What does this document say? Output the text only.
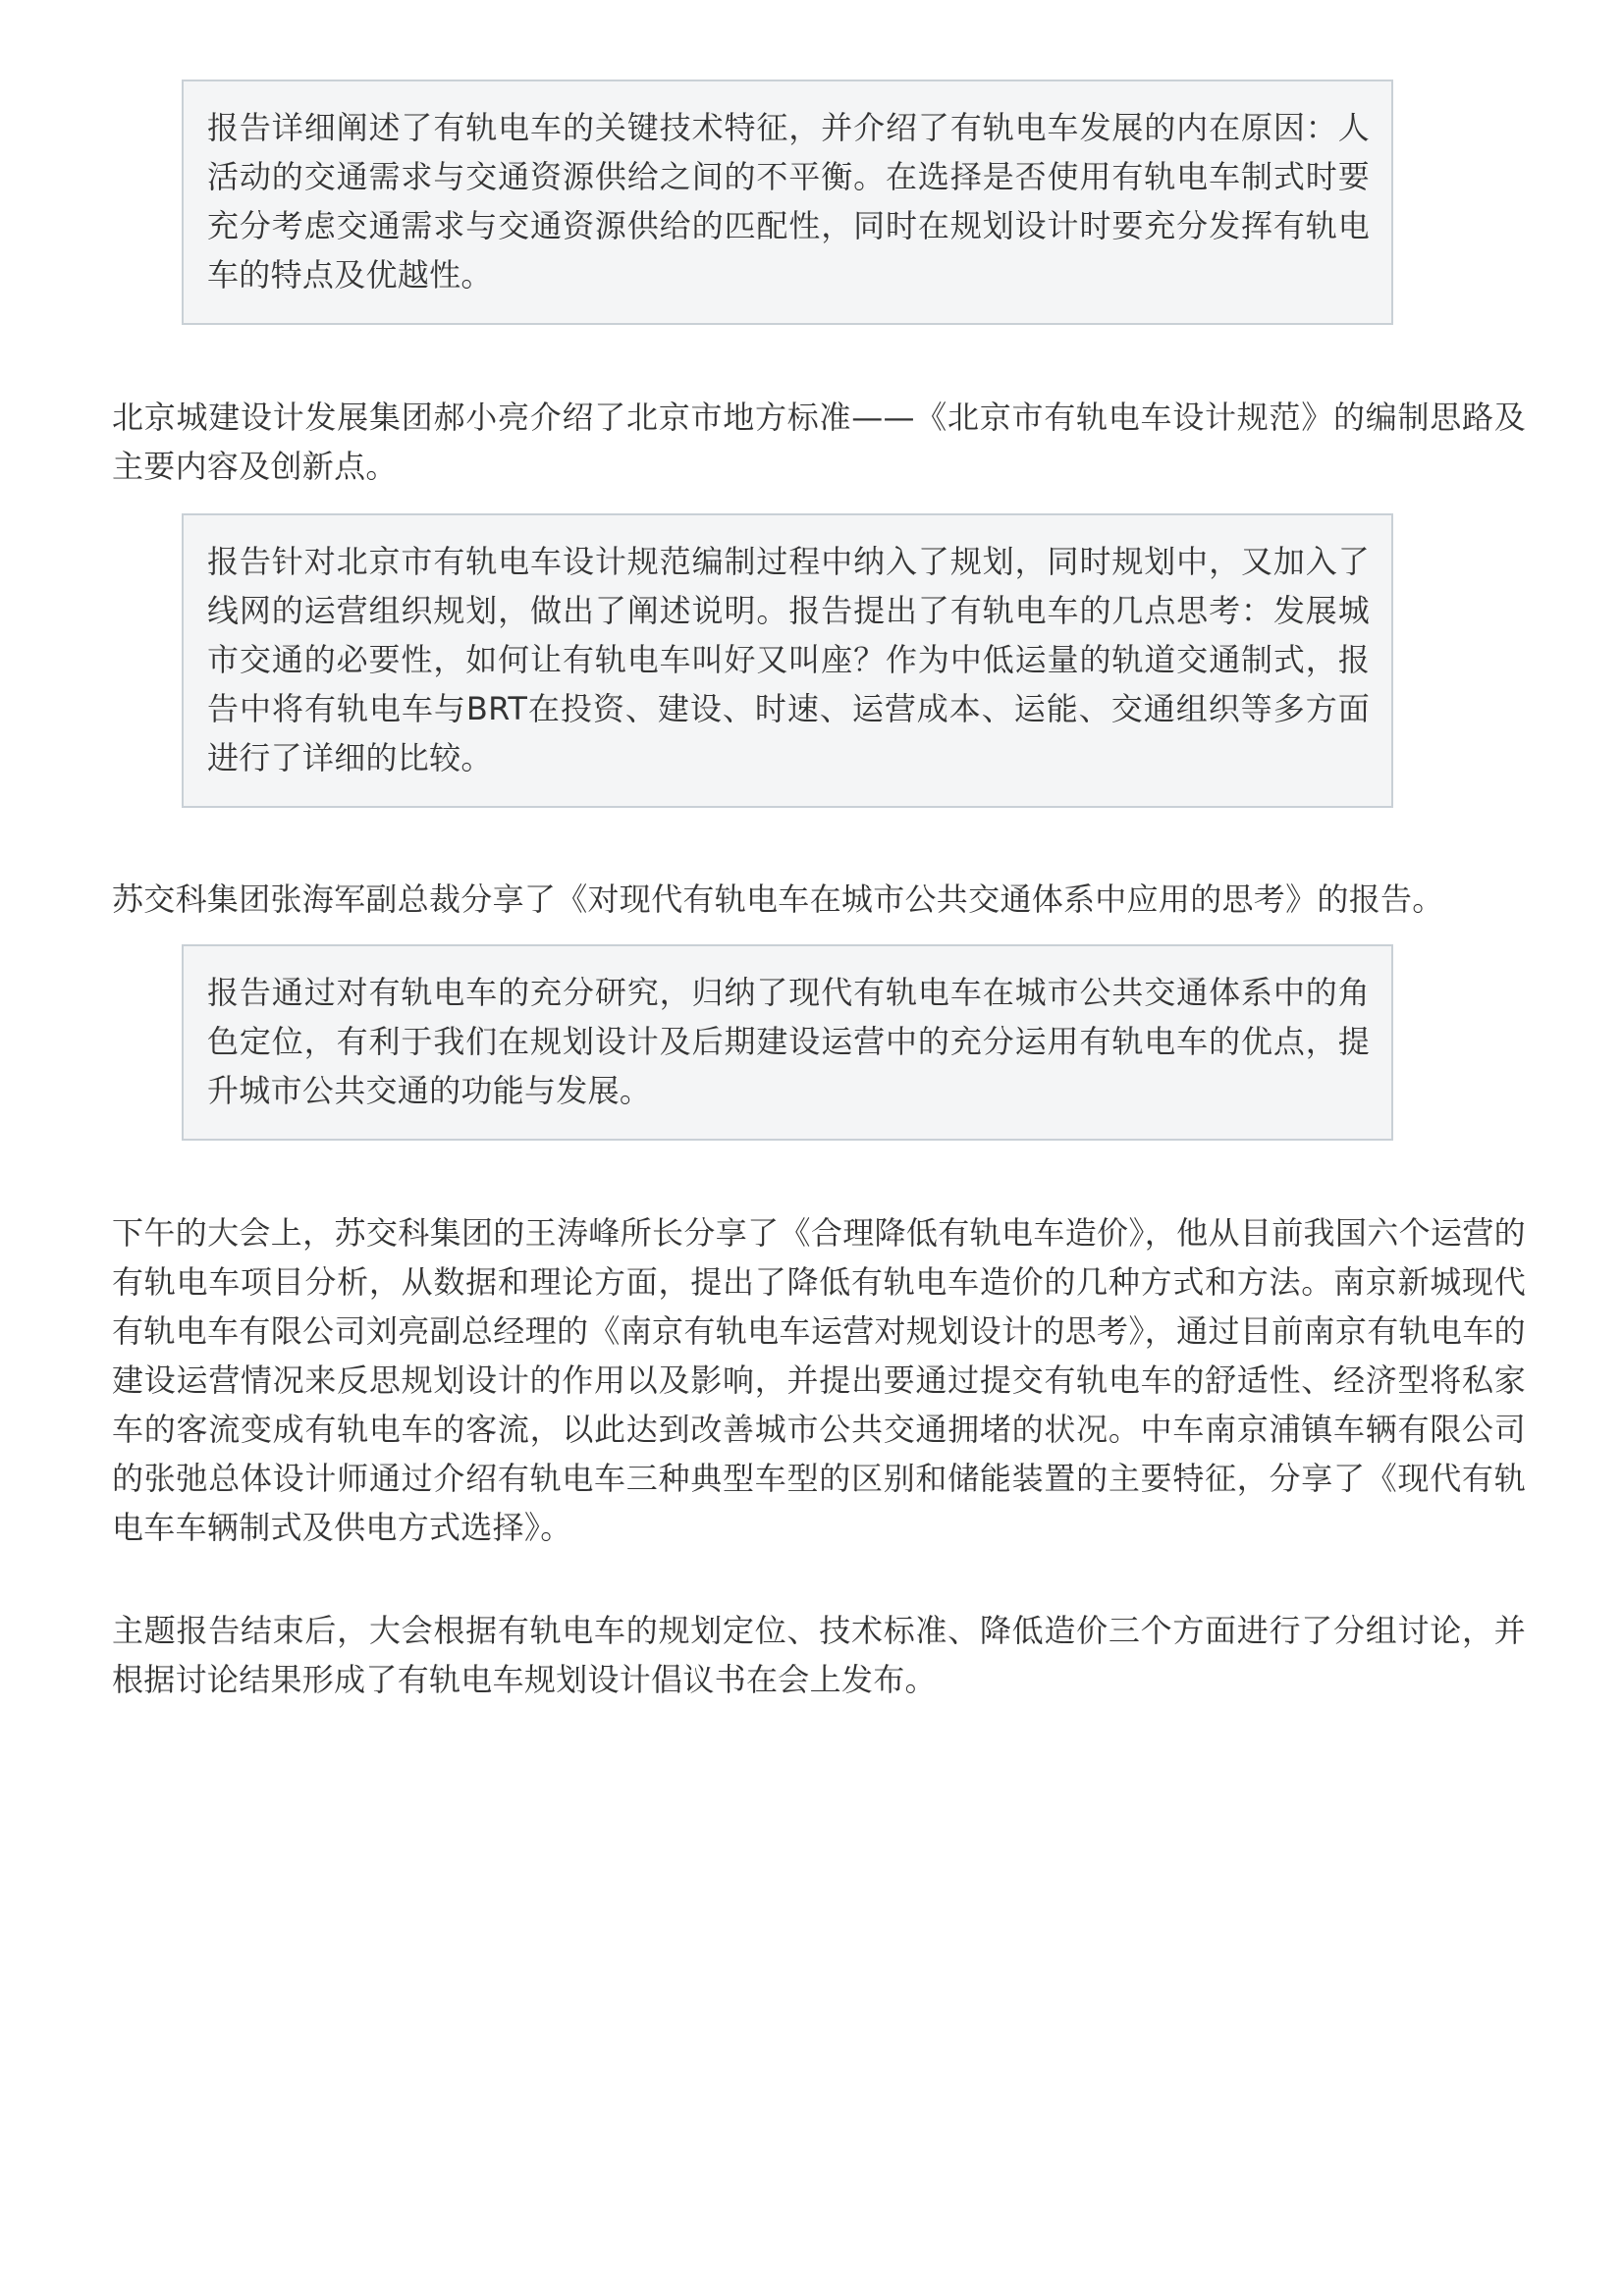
报告详细阐述了有轨电车的关键技术特征，并介绍了有轨电车发展的内在原因：人活动的交通需求与交通资源供给之间的不平衡。在选择是否使用有轨电车制式时要充分考虑交通需求与交通资源供给的匹配性，同时在规划设计时要充分发挥有轨电车的特点及优越性。

北京城建设计发展集团郝小亮介绍了北京市地方标准——《北京市有轨电车设计规范》的编制思路及主要内容及创新点。

报告针对北京市有轨电车设计规范编制过程中纳入了规划，同时规划中，又加入了线网的运营组织规划，做出了阐述说明。报告提出了有轨电车的几点思考：发展城市交通的必要性，如何让有轨电车叫好又叫座？作为中低运量的轨道交通制式，报告中将有轨电车与BRT在投资、建设、时速、运营成本、运能、交通组织等多方面进行了详细的比较。

苏交科集团张海军副总裁分享了《对现代有轨电车在城市公共交通体系中应用的思考》的报告。

报告通过对有轨电车的充分研究，归纳了现代有轨电车在城市公共交通体系中的角色定位，有利于我们在规划设计及后期建设运营中的充分运用有轨电车的优点，提升城市公共交通的功能与发展。

下午的大会上，苏交科集团的王涛峰所长分享了《合理降低有轨电车造价》，他从目前我国六个运营的有轨电车项目分析，从数据和理论方面，提出了降低有轨电车造价的几种方式和方法。南京新城现代有轨电车有限公司刘亮副总经理的《南京有轨电车运营对规划设计的思考》，通过目前南京有轨电车的建设运营情况来反思规划设计的作用以及影响，并提出要通过提交有轨电车的舒适性、经济型将私家车的客流变成有轨电车的客流，以此达到改善城市公共交通拥堵的状况。中车南京浦镇车辆有限公司的张弛总体设计师通过介绍有轨电车三种典型车型的区别和储能装置的主要特征，分享了《现代有轨电车车辆制式及供电方式选择》。

主题报告结束后，大会根据有轨电车的规划定位、技术标准、降低造价三个方面进行了分组讨论，并根据讨论结果形成了有轨电车规划设计倡议书在会上发布。
